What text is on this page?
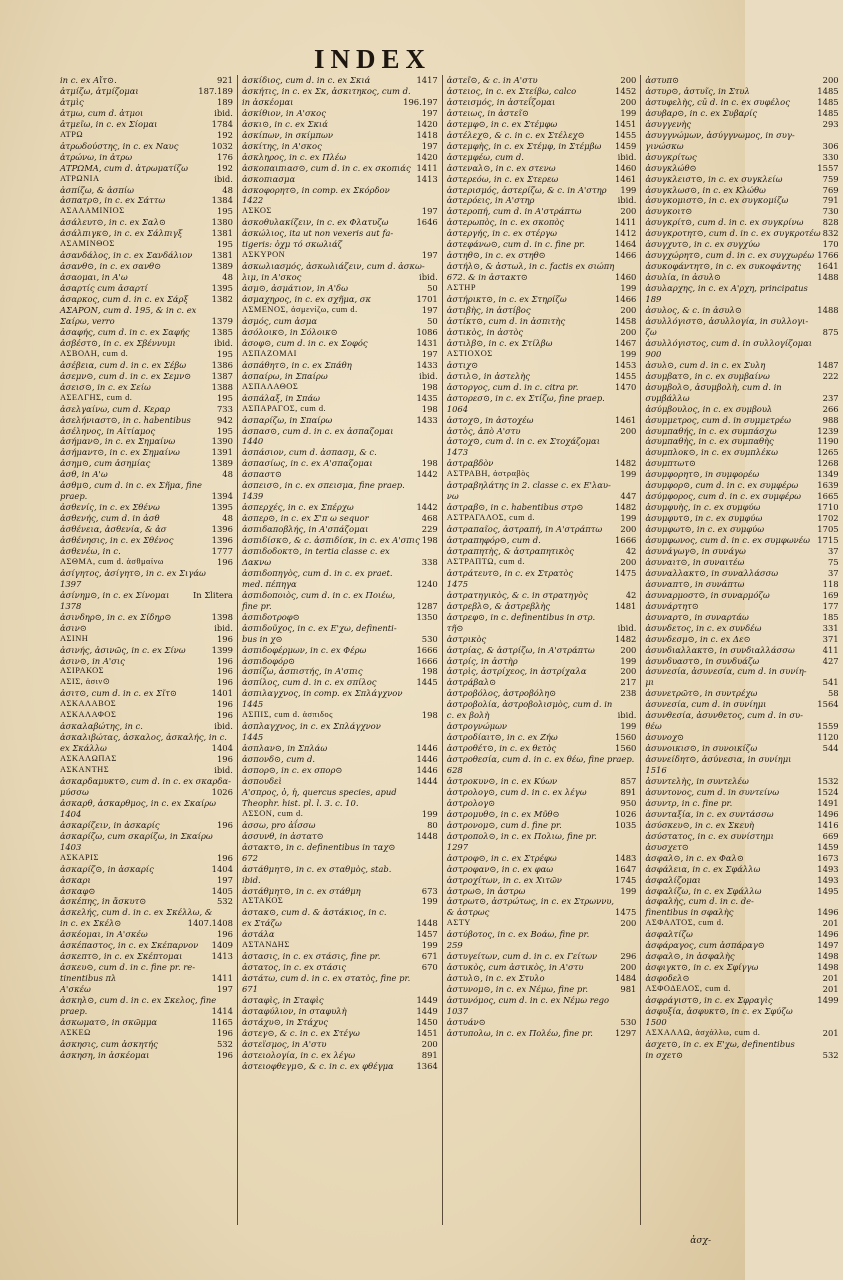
INDEX
in c. ex Αἴτ⊙.	921
ἀτμίζω, ἀτμίζομαι	187.189
ἀτμὶς	189
ἀτμω, cum d. ἀτμοι	ibid.
ἀτμεῖω, in c. ex Σίομαι	1784
ΑΤΡΩ	192
ἀτρωδούστης, in c. ex Ναυς	1032
ἀτρώνω, in ἀτρω	176
ΑΤΡΩΜΑ, cum d. ἀτρωματίζω	192
ΑΤΡΩΝΙΑ	ibid.
ἀσπίζω, & ἀσπίω	48
ἀσπατρ⊙, in c. ex Σάττω	1384
ΑΣΑΛΑΜΙΝΙΟΣ	195
ἀσάλευτ⊙, in c. ex Σαλ⊙	1380
ἀσάλπιγκ⊙, in c. ex Σάλπιγξ	1381
ΑΣΑΜΙΝΘΟΣ	195
ἀσανδάλος, in c. ex Σανδάλιον 1381
ἀσανθ⊙, in c. ex σανθ⊙	1389
ἀσαομαι, in Α'ω	48
ἀσαρτίς cum ἀσαρτί	1395
ἀσαρκος, cum d. in c. ex Σάρξ	1382
ΑΣΑΡΟΝ, cum d. 195, & in c. ex
Σαίρω, verro	1379
ἀσαφής, cum d. in c. ex Σαφής	1385
ἀσβέστ⊙, in c. ex Σβέννυμι	ibid.
ΑΣΒΟΛΗ, cum d.	195
ἀσέβεια, cum d. in c. ex Σέβω	1386
ἀσεμν⊙, cum d. in c. ex Σεμν⊙ 1387
ἀσεισ⊙, in c. ex Σείω	1388
ΑΣΕΛΓΗΣ, cum d.	195
ἀσελγαίνω, cum d. Κεραρ	733
ἀσελήνιαστ⊙, in c. habentibus	942
ἀσέληνος, in Αἰτίαμος	195
ἀσήμαν⊙, in c. ex Σημαίνω	1390
ἀσήμαντ⊙, in c. ex Σημαίνω	1391
ἀσημ⊙, cum ἀσημίας	1389
ἀσθ, in Α'ω	48
ἀσθμ⊙, cum d. in c. ex Σῆμα, fine
praep.	1394
ἀσθενίς, in c. ex Σθένω	1395
ἀσθενής, cum d. in ἀσθ	48
ἀσθένεια, ἀσθενία, & ἀσ	1396
ἀσθένησις, in c. ex Σθένος	1396
ἀσθενέω, in c.	1777
ΑΣΘΜΑ, cum d. ἀσθμαίνω	196
ἀσίγητος, ἀσίγητ⊙, in c. ex Σιγάω
1397
ἀσίνημ⊙, in c. ex Σίνομαι	In Σlitera
1378
ἀσινδηρ⊙, in c. ex Σίδηρ⊙	1398
ἀσιν⊙	ibid.
ΑΣΙΝΗ	196
ἀσινής, ἀσινῶς, in c. ex Σίνω	1399
ἀσιν⊙, in Α'σις	196
ΑΣΙΡΑΚΟΣ	196
ΑΣΙΣ, ἀσιν⊙	196
ἀσιτ⊙, cum d. in c. ex Σῖτ⊙	1401
ΑΣΚΑΛΑΒΟΣ	196
ΑΣΚΑΛΑΦΟΣ	196
ἀσκαλαβώτης, in c.	ibid.
ἀσκαλιβώτας, ἀσκαλος, ἀσκαλής, in c.
ex Σκάλλω	1404
ΑΣΚΑΛΩΠΑΣ	196
ΑΣΚΑΝΤΗΣ	ibid.
ἀσκαρδαμυκτ⊙, cum d. in c. ex σκαρδα-
μύσσω	1026
ἀσκαρθ, ἀσκαρθμος, in c. ex Σκαίρω
1404
ἀσκαρίζειν, in ἀσκαρίς	196
ἀσκαρίζω, cum σκαρίζω, in Σκαίρω
1403
ΑΣΚΑΡΙΣ	196
ἀσκαρίζ⊙, in ἀσκαρίς	1404
ἀσκαρι	197
ἀσκαφ⊙	1405
ἀσκέπης, in ἄσκυτ⊙	532
ἀσκελής, cum d. in c. ex Σκέλλω, &
in c. ex Σκέλ⊙	1407.1408
ἀσκέομαι, in Α'σκέω	196
ἀσκέπαστος, in c. ex Σκέπαρνον 1409
ἀσκεπτ⊙, in c. ex Σκέπτομαι	1413
ἀσκευ⊙, cum d. in c. fine pr. re-
tinentibus πλ	1411
Α'σκέω	197
ἀσκηλ⊙, cum d. in c. ex Σκελος, fine
praep.	1414
ἀσκωματ⊙, in σκῶμμα	1165
ΑΣΚΕΩ	196
ἀσκησις, cum ἀσκητής	532
ἀσκηση, in ἀσκέομαι	196
ἀσκίδιος, cum d. in c. ex Σκιά	1417
ἀσκήτις, in c. ex Σκ, ἀσκιτηκος, cum d.
in ἀσκέομαι	196.197
ἀσκίθιον, in Α'σκος	197
ἀσκι⊙, in c. ex Σκιά	1420
ἀσκίπων, in σκίμπων	1418
ἀσκίτης, in Α'σκος	197
ἀσκληρος, in c. ex Πλέω	1420
ἀσκοπαιπιασ⊙, cum d. in c. ex σκοπιάς 1411
ἀσκοπιασμα	1413
ἀσκοφορητ⊙, in comp. ex Σκόρδον
1422
ΑΣΚΟΣ	197
ἀσκοθυλακίζειν, in c. ex Φλατυζω	1646
ἀσκώλιος, ita ut non vexeris aut fa-
tigeris: ὀχμ τό σκωλιάζ
ΑΣΚΥΡΟΝ	197
ἀσκωλιασμός, ἀσκωλιάζειν, cum d. ἀσκω-
λιμ, in Α'σκος	ibid.
ἀσμ⊙, ἀσμάτιον, in Α'δω	50
ἀσμαχηρος, in c. ex σχῆμα, σκ	1701
ΑΣΜΕΝΟΣ, ἀσμενίζω, cum d.	197
ἀσμός, cum ἀσμα	50
ἀσόλοικ⊙, in Σόλοικ⊙	1086
ἀσοφ⊙, cum d. in c. ex Σοφός	1431
ΑΣΠΑΖΟΜΑΙ	197
ἀσπάθητ⊙, in c. ex Σπάθη	1433
ἀσπαίρω, in Σπαίρω	ibid.
ΑΣΠΑΛΑΘΟΣ	198
ἀσπάλαξ, in Σπάω	1435
ΑΣΠΑΡΑΓΟΣ, cum d.	198
ἀσπαρίζω, in Σπαίρω	1433
ἀσπασ⊙, cum d. in c. ex ἀσπαζομαι
1440
ἀσπάσιον, cum d. ἀσπασμ, & c.
ἀσπασίως, in c. ex Α'σπαζομαι	198
ἀσπαστ⊙	1442
ἀσπεισ⊙, in c. ex σπεισμα, fine praep.
1439
ἀσπερχές, in c. ex Σπέρχω	1442
ἀσπερ⊙, in c. ex Σ'π ω sequor	468
ἀσπιδαποβλής, in Α'σπάζομαι	229
ἀσπιδίσκ⊙, & c. ἀσπιδίσκ, in c. ex Α'σπις 198
ἀσπιδοδοκτ⊙, in tertia classe c. ex
Δακνω	338
ἀσπιδοπηγὸς, cum d. in c. ex praet.
med. πέπηγα	1240
ἀσπιδοποιὸς, cum d. in c. ex Ποιέω,
fine pr.	1287
ἀσπιδοτροφ⊙	1350
ἀσπιδοῦχος, in c. ex Ε'χω, definenti-
bus in χ⊙	530
ἀσπιδοφέρμων, in c. ex Φέρω	1666
ἀσπιδοφόρ⊙	1666
ἀσπίζω, ἀσπιστής, in Α'σπις	198
ἀσπίλος, cum d. in c. ex σπίλος	1445
ἀσπιλαγχνος, in comp. ex Σπλάγχνον
1445
ΑΣΠΙΣ, cum d. ἀσπιδος	198
ἀσπλαγχνος, in c. ex Σπλάγχνον
1445
ἀσπλαν⊙, in Σπλάω	1446
ἀσπονδ⊙, cum d.	1446
ἀσπορ⊙, in c. ex σπορ⊙	1446
ἀσπουδεὶ	1444
Α'σπρος, ὁ, ἡ, quercus species, apud
Theophr. hist. pl. l. 3. c. 10.
ΑΣΣΟΝ, cum d.	199
ἀσσω, pro ἀΐσσω	80
ἀσσυνθ, in ἀστατ⊙	1448
ἀστακτ⊙, in c. definentibus in ταχ⊙
672
ἀστάθμητ⊙, in c. ex σταθμὸς, stab.
ibid.
ἀστάθμητ⊙, in c. ex στάθμη	673
ΑΣΤΑΚΟΣ	199
ἀστακ⊙, cum d. & ἀστάκιος, in c.
ex Στάζω	1448
ἀστάλα	1457
ΑΣΤΑΝΔΗΣ	199
ἀστασις, in c. ex στάσις, fine pr.	671
ἀστατος, in c. ex στάσις	670
ἀστάτω, cum d. in c. ex στατὸς, fine pr.
671
ἀσταφὶς, in Σταφὶς	1449
ἀσταφύλιον, in σταφυλὴ	1449
ἀστάχυ⊙, in Στάχυς	1450
ἀστεγ⊙, & c. in c. ex Στέγω	1451
ἀστεϊσμος, in Α'στυ	200
ἀστειολογία, in c. ex λέγω	891
ἀστειοφθεγμ⊙, & c. in c. ex φθέγμα	1364
ἀστεῖ⊙, & c. in Α'στυ	200
ἀστειος, in c. ex Στείβω, calco	1452
ἀστεισμός, in ἀστεΐζομαι	200
ἀστειως, in ἀστεῖ⊙	199
ἀστεμφ⊙, in c. ex Στέμφω	1451
ἀστέλεχ⊙, & c. in c. ex Στέλεχ⊙	1455
ἀστεμφὴς, in c. ex Στέμφ, in Στέμβω 1459
ἀστεμφέω, cum d.	ibid.
ἀστεναλ⊙, in c. ex στενω	1460
ἀστερεόω, in c. ex Στερεω	1461
ἀστερισμός, ἀστερίζω, & c. in Α'στηρ 199
ἀστερόεις, in Α'στηρ	ibid.
ἀστεροπή, cum d. in Α'στράπτω	200
ἀστερωπὸς, in c. ex σκοπὸς	1411
ἀστεργής, in c. ex στέργω	1412
ἀστεφάνω⊙, cum d. in c. fine pr.	1464
ἀστηθ⊙, in c. ex στηθ⊙	1466
ἀστήλ⊙, & ἀστωλ, in c. factis ex σιώπη
672. & in ἀστακτ⊙	1460
ΑΣΤΗΡ	199
ἀστήρικτ⊙, in c. ex Στηρίζω	1466
ἀστιβὴς, in ἀστίβος	200
ἀστίκτ⊙, cum d. in ἀσπιτὴς	1458
ἀστικὸς, in ἀστὸς	200
ἀστιλβ⊙, in c. ex Στίλβω	1467
ΑΣΤΙΟΧΟΣ	199
ἀστιχ⊙	1453
ἀστιλ⊙, in ἀστελὴς	1455
ἀστοργος, cum d. in c. citra pr.	1470
ἀστορεσ⊙, in c. ex Στίζω, fine praep.
1064
ἀστοχ⊙, in ἀστοχέω	1461
ἀστὸς, ἀπὸ Α'στυ	200
ἀστοχ⊙, cum d. in c. ex Στοχάζομαι
1473
ἀστραβδὸν	1482
ΑΣΤΡΑΒΗ, ἀστραβὸς	199
ἀστραβηλάτης in 2. classe c. ex Ε'λαυ-
νω	447
ἀστραβ⊙, in c. habentibus στρ⊙	1482
ΑΣΤΡΑΓΑΛΟΣ, cum d.	199
ἀστραπαῖος, ἀστραπή, in Α'στράπτω 200
ἀστραπηφόρ⊙, cum d.	1666
ἀστραπητὴς, & ἀστραπητικὸς	42
ΑΣΤΡΑΠΤΩ, cum d.	200
ἀστράτευτ⊙, in c. ex Στρατὸς	1475
1475
ἀστρατηγικὸς, & c. in στρατηγὸς	42
ἀστρεβλ⊙, & ἀστρεβλὴς	1481
ἀστρεφ⊙, in c. definentibus in στρ.
τῆ⊙	ibid.
ἀστρικὸς	1482
ἀστρίας, & ἀστρίζω, in Α'στράπτω	200
ἀστρίς, in ἀστὴρ	199
ἀστρὶς, ἀστρίχεος, in ἀστρίχαλα	200
ἀστράβαλ⊙	217
ἀστροβόλος, ἀστροβόλη⊙	238
ἀστροβολία, ἀστροβολισμὸς, cum d. in
c. ex βολὴ	ibid.
ἀστρογνώμων	199
ἀστροδίαιτ⊙, in c. ex Ζήω	1560
ἀστροθέτ⊙, in c. ex θετὸς	1560
ἀστροθεσία, cum d. in c. ex θέω, fine praep.
628
ἀστροκυν⊙, in c. ex Κύων	857
ἀστρολογ⊙, cum d. in c. ex λέγω	891
ἀστρολογ⊙	950
ἀστρομυθ⊙, in c. ex Μῦθ⊙	1026
ἀστρονομ⊙, cum d. fine pr.	1035
ἀστροπολ⊙, in c. ex Πολιω, fine pr.
1297
ἀστροφ⊙, in c. ex Στρέφω	1483
ἀστροφαν⊙, in c. ex φαω	1647
ἀστροχίτων, in c. ex Χιτῶν	1745
ἀστρω⊙, in ἀστρω	199
ἀστρωτ⊙, ἀστρώτως, in c. ex Στρωννυ,
& ἀστρως	1475
ΑΣΤΥ	200
ἀστύβοτος, in c. ex Βοάω, fine pr.
259
ἀστυγείτων, cum d. in c. ex Γείτων	296
ἀστυκὸς, cum ἀστικὸς, in Α'στυ	200
ἀστυλ⊙, in c. ex Στυλο	1484
ἀστυνομ⊙, in c. ex Νέμω, fine pr.	981
ἀστυνόμος, cum d. in c. ex Νέμω rego
1037
ἀστυάν⊙	530
ἀστυπολω, in c. ex Πολέω, fine pr.	1297
ἀστυπ⊙	200
ἀστυρ⊙, ἀστυῖς, in Στυλ	1485
ἀστυφελὴς, cū d. in c. ex συφέλος	1485
ἀσυβαρ⊙, in c. ex Συβαρίς	1485
ἀσυγγενὴς	293
ἀσυγγνώμων, ἀσύγγνωμος, in συγ-
γινώσκω	306
ἀσυγκρίτως	330
ἀσυγκλώθ⊙	1557
ἀσυγκλειστ⊙, in c. ex συγκλείω	759
ἀσυγκλωσ⊙, in c. ex Κλώθω	769
ἀσυγκομιστ⊙, in c. ex συγκομίζω	791
ἀσυγκοιτ⊙	730
ἀσυγκρίτ⊙, cum d. in c. ex συγκρίνω 828
ἀσυγκροτητ⊙, cum d. in c. ex συγκροτέω 832
ἀσυγχυτ⊙, in c. ex συγχύω	170
ἀσυγχώρητ⊙, cum d. in c. ex συγχωρέω 1766
ἀσυκοφάντητ⊙, in c. ex συκοφάντης 1641
ἀσυλία, in ἀσυλ⊙	1488
ἀσυλαρχης, in c. ex Α'ρχη, principatus
189
ἀσυλος, & c. in ἀσυλ⊙	1488
ἀσυλλόγιστ⊙, ἀσυλλογία, in συλλογι-
ζω	875
ἀσυλλόγιστος, cum d. in συλλογίζομαι
900
ἀσυλ⊙, cum d. in c. ex Συλη	1487
ἀσυμβατ⊙, in c. ex συμβαίνω	222
ἀσυμβολ⊙, ἀσυμβολὴ, cum d. in
συμβάλλω	237
ἀσύμβουλος, in c. ex συμβουλ	266
ἀσυμμετρος, cum d. in συμμετρέω	988
ἀσυμπαθής, in c. ex συμπάσχω	1239
ἀσυμπαθὴς, in c. ex συμπαθὴς	1190
ἀσυμπλοκ⊙, in c. ex συμπλέκω	1265
ἀσυμπτωτ⊙	1268
ἀσυμφορητ⊙, in συμφορέω	1349
ἀσυμφορ⊙, cum d. in c. ex συμφέρω 1639
ἀσύμφορος, cum d. in c. ex συμφέρω 1665
ἀσυμφυὴς, in c. ex συμφύω	1710
ἀσυμφυτ⊙, in c. ex συμφύω	1702
ἀσυμφωτ⊙, in c. ex συμφύω	1705
ἀσυμφωνος, cum d. in c. ex συμφωνέω 1715
ἀσυνάγωγ⊙, in συνάγω	37
ἀσυναιτ⊙, in συναιτέω	75
ἀσυναλλακτ⊙, in συναλλάσσω	37
ἀσυναπτ⊙, in συνάπτω	118
ἀσυναρμοστ⊙, in συναρμόζω	169
ἀσυνάρτητ⊙	177
ἀσυναρτ⊙, in συναρτάω	185
ἀσυνδετος, in c. ex συνδέω	331
ἀσυνδεσμ⊙, in c. ex Δε⊙	371
ἀσυνδιαλλακτ⊙, in συνδιαλλάσσω	411
ἀσυνδυαστ⊙, in συνδυάζω	427
ἀσυνεσία, ἀσυνεσία, cum d. in συνίη-
μι	541
ἀσυνετρῶτ⊙, in συντρέχω	58
ἀσυνεσία, cum d. in συνίημι	1564
ἀσυνθεσία, ἀσυνθετος, cum d. in συ-
θέω	1559
ἀσυνοχ⊙	1120
ἀσυνοικισ⊙, in συνοικίζω	544
ἀσυνείδητ⊙, ἀσύνεσια, in συνίημι
1516
ἀσυντελὴς, in συντελέω	1532
ἀσυντονος, cum d. in συντείνω	1524
ἀσυντρ, in c. fine pr.	1491
ἀσυνταξία, in c. ex συντάσσω	1496
ἀσύσκευ⊙, in c. ex Σκευὴ	1416
ἀσύστατος, in c. ex συνίστημι	669
ἀσυσχετ⊙	1459
ἀσφαλ⊙, in c. ex Φαλ⊙	1673
ἀσφάλεια, in c. ex Σφάλλω	1493
ἀσφαλίζομαι	1493
ἀσφαλίζω, in c. ex Σφάλλω	1495
ἀσφαλὴς, cum d. in c. de-
finentibus in σφαλὴς	1496
ΑΣΦΑΛΤΟΣ, cum d.	201
ἀσφαλτίζω	1496
ἀσφάραγος, cum ἀσπάραγ⊙	1497
ἀσφαλ⊙, in ἀσφαλὴς	1498
ἀσφιγκτ⊙, in c. ex Σφίγγω	1498
ἀσφοδελ⊙	201
ΑΣΦΟΔΕΛΟΣ, cum d.	201
ἀσφράγιστ⊙, in c. ex Σφραγὶς	1499
ἀσφυξία, ἀσφυκτ⊙, in c. ex Σφύζω
1500
ΑΣΧΑΛΑΩ, ἀσχάλλω, cum d.	201
ἀσχετ⊙, in c. ex Ε'χω, definentibus
in σχετ⊙	532
ἀσχ-
